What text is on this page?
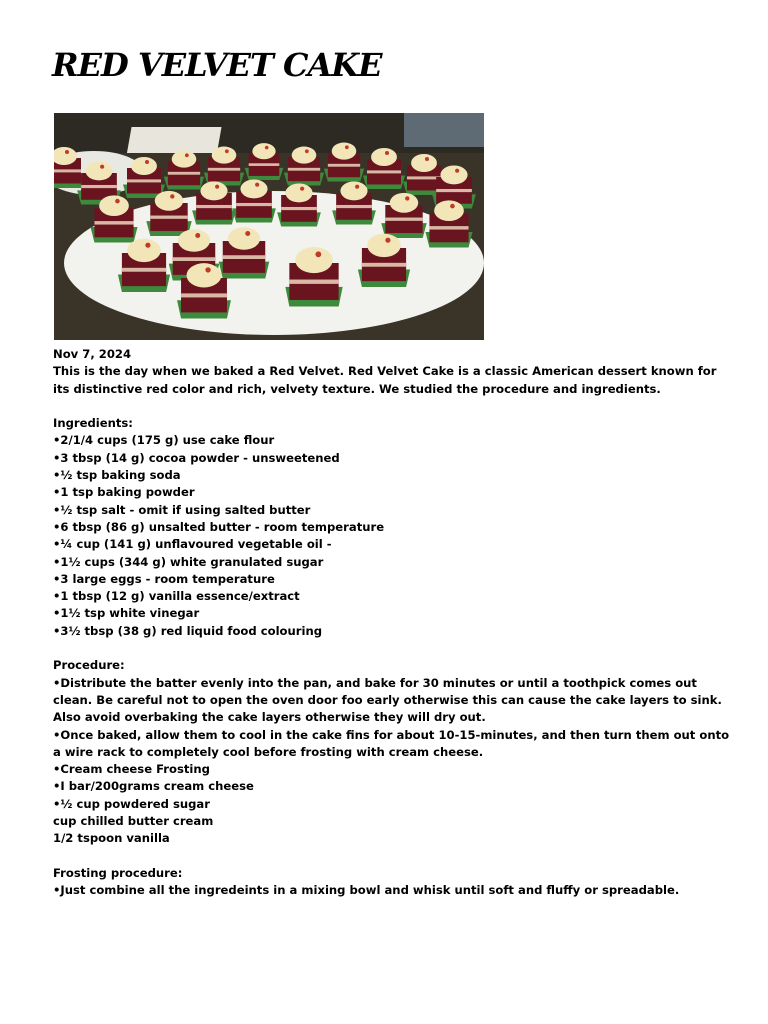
RED VELVET CAKE

Nov 7, 2024

This is the day when we baked a Red Velvet. Red Velvet Cake is a classic American dessert known for its distinctive red color and rich, velvety texture. We studied the procedure and ingredients.

Ingredients:

•2/1/4 cups (175 g) use cake flour

•3 tbsp (14 g) cocoa powder - unsweetened

•½ tsp baking soda

•1 tsp baking powder

•½ tsp salt - omit if using salted butter

•6 tbsp (86 g) unsalted butter - room temperature

•¼ cup (141 g) unflavoured vegetable oil -

•1½ cups (344 g) white granulated sugar

•3 large eggs - room temperature

•1 tbsp (12 g) vanilla essence/extract

•1½ tsp white vinegar

•3½ tbsp (38 g) red liquid food colouring

Procedure:

•Distribute the batter evenly into the pan, and bake for 30 minutes or until a toothpick comes out clean. Be careful not to open the oven door foo early otherwise this can cause the cake layers to sink. Also avoid overbaking the cake layers otherwise they will dry out.

•Once baked, allow them to cool in the cake fins for about 10-15-minutes, and then turn them out onto a wire rack to completely cool before frosting with cream cheese.

•Cream cheese Frosting

•I bar/200grams cream cheese

•½ cup powdered sugar

cup chilled butter cream

1/2 tspoon vanilla

Frosting procedure:

•Just combine all the ingredeints in a mixing bowl and whisk until soft and fluffy or spreadable.
